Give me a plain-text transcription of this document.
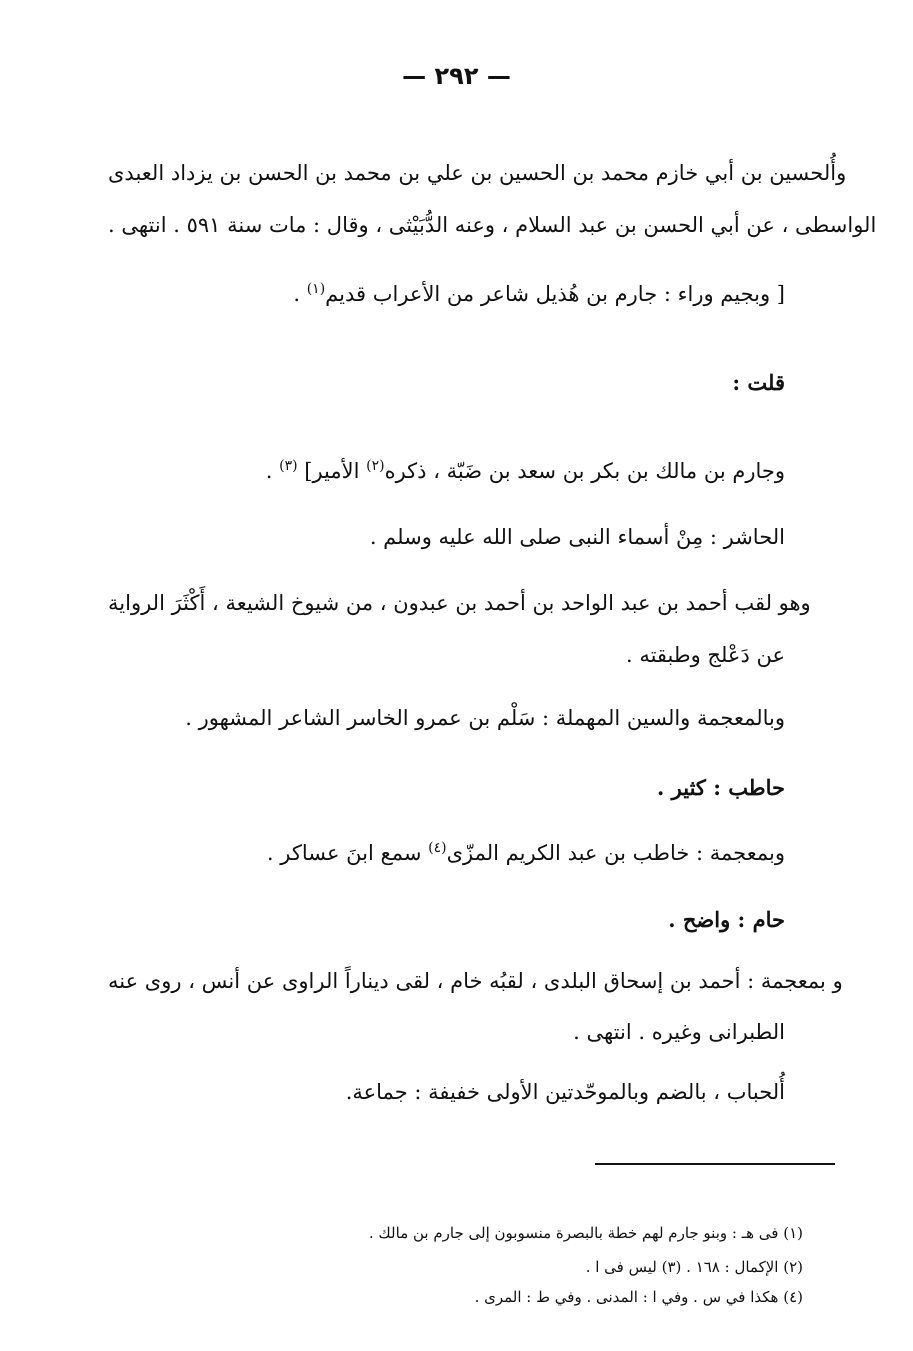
— ٢٩٢ —
وأُلحسين بن أبي خازم محمد بن الحسين بن علي بن محمد بن الحسن بن يزداد العبدى
الواسطى ، عن أبي الحسن بن عبد السلام ، وعنه الدُّبَيْثى ، وقال : مات سنة ٥٩١ . انتهى .
[ وبجيم وراء : جارم بن هُذيل شاعر من الأعراب قديم$^{(١)}$ .
قلت :
وجارم بن مالك بن بكر بن سعد بن ضَبّة ، ذكره$^{(٢)}$ الأمير] $^{(٣)}$ .
الحاشر : مِنْ أسماء النبى صلى الله عليه وسلم .
وهو لقب أحمد بن عبد الواحد بن أحمد بن عبدون ، من شيوخ الشيعة ، أَكْثَرَ الرواية
عن دَعْلج وطبقته .
وبالمعجمة والسين المهملة : سَلْم بن عمرو الخاسر الشاعر المشهور .
حاطب : كثير .
وبمعجمة : خاطب بن عبد الكريم المزّى$^{(٤)}$ سمع ابنَ عساكر .
حام : واضح .
و بمعجمة : أحمد بن إسحاق البلدى ، لقبُه خام ، لقى ديناراً الراوى عن أنس ، روى عنه
الطبرانى وغيره . انتهى .
أُلحباب ، بالضم وبالموحّدتين الأولى خفيفة : جماعة.
(١) فى هـ : وبنو جارم لهم خطة بالبصرة منسوبون إلى جارم بن مالك .
(٢) الإكمال : ١٦٨ . (٣) ليس فى ا .
(٤) هكذا في س . وفي ا : المدنى . وفي ط : المرى .
